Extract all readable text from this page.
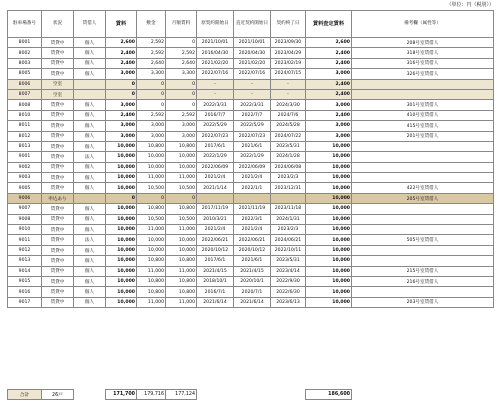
（単位：円（税別））
駐車場番号	状況	賃借人	賃料	敷金	月額賃料	原契約開始日	直近契約開始日	契約終了日	賃料査定賃料	備考欄（属性等）
8001	賃貸中	個人	2,600	2,592	0	2021/10/01	2021/10/01	2023/09/30	2,600	208号室賃借人
8002	賃貸中	個人	2,400	2,592	2,592	2016/04/30	2020/04/30	2023/04/29	2,400	318号室賃借人
8003	賃貸中	個人	2,400	2,640	2,640	2021/02/20	2021/02/20	2023/02/19	2,400	316号室賃借人
8005	賃貸中	個人	3,000	3,300	3,300	2022/07/16	2022/07/16	2024/07/15	3,000	326号室賃借人
8006	空室		0	0	0	-	-	-	2,400	
8007	空室		0	0	0	-	-	-	2,400	
8008	賃貸中	個人	3,000	0	0	2022/3/31	2022/3/31	2024/3/30	3,000	301号室賃借人
8010	賃貸中	個人	2,400	2,592	2,592	2016/7/7	2022/7/7	2024/7/6	2,400	410号室賃借人
8011	賃貸中	個人	3,000	3,000	3,000	2022/5/29	2022/5/29	2024/5/28	3,000	415号室賃借人
8012	賃貸中	個人	3,000	3,000	3,000	2022/07/23	2022/07/23	2024/07/22	3,000	201号室賃借人
8013	賃貸中	個人	10,000	10,800	10,800	2017/6/1	2021/6/1	2023/5/31	10,000	
9001	賃貸中	法人	10,000	10,000	10,000	2022/1/29	2022/1/29	2024/1/28	10,000	
9002	賃貸中	個人	10,000	10,000	10,000	2022/06/09	2022/06/09	2024/06/08	10,000	
9003	賃貸中	個人	10,000	11,000	11,000	2021/2/4	2021/2/4	2023/2/3	10,000	
9005	賃貸中	個人	10,000	10,500	10,500	2021/1/14	2022/1/1	2023/12/31	10,000	422号室賃借人
9006	申込あり		0	0	0				10,000	205号室賃借人
9007	賃貸中	個人	10,000	10,800	10,800	2017/11/19	2021/11/19	2023/11/18	10,000	
9008	賃貸中	個人	10,000	10,500	10,500	2010/3/21	2022/3/1	2024/1/31	10,000	
9010	賃貸中	個人	10,000	11,000	11,000	2021/2/4	2021/2/4	2023/2/3	10,000	
9011	賃貸中	法人	10,000	10,000	10,000	2022/06/21	2022/06/21	2024/06/21	10,000	505号室賃借人
9012	賃貸中	個人	10,000	10,000	10,000	2020/10/12	2020/10/12	2022/10/11	10,000	
9013	賃貸中	個人	10,000	10,800	10,800	2017/6/1	2021/6/1	2023/5/31	10,000	
9014	賃貸中	個人	10,000	11,000	11,000	2021/4/15	2021/4/15	2023/4/14	10,000	215号室賃借人
9015	賃貸中	個人	10,000	10,800	10,800	2018/10/1	2020/10/1	2022/9/30	10,000	216号室賃借人
9016	賃貸中	個人	10,000	10,800	10,800	2016/7/1	2020/7/1	2022/6/30	10,000	
9017	賃貸中	個人	10,000	11,000	11,000	2021/6/14	2021/6/14	2023/6/13	10,000	203号室賃借人
合計	26戸		171,700	179,716	177,124				186,600	
